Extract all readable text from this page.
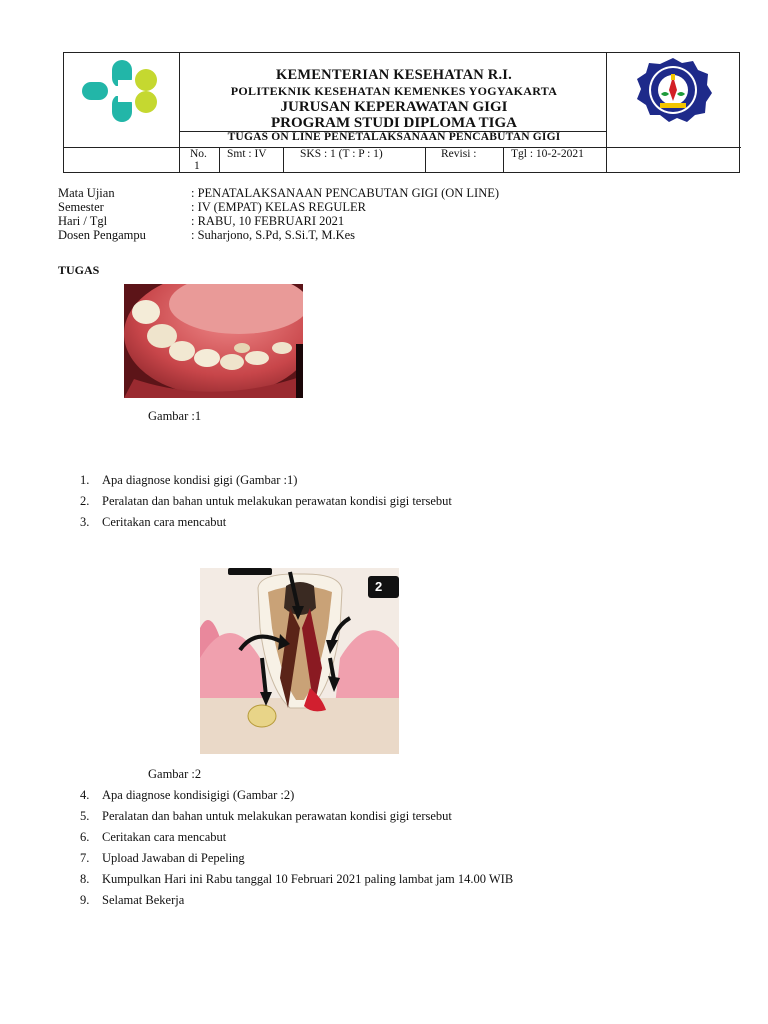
KEMENTERIAN KESEHATAN R.I.
POLITEKNIK KESEHATAN KEMENKES YOGYAKARTA
JURUSAN KEPERAWATAN GIGI
PROGRAM STUDI DIPLOMA TIGA
TUGAS ON LINE PENETALAKSANAAN PENCABUTAN GIGI
No.
1
Smt : IV	SKS : 1 (T : P : 1)	Revisi :	Tgl : 10-2-2021
Mata Ujian	: PENATALAKSANAAN PENCABUTAN GIGI (ON LINE)
Semester	: IV (EMPAT) KELAS REGULER
Hari / Tgl	: RABU, 10 FEBRUARI 2021
Dosen Pengampu	: Suharjono, S.Pd, S.Si.T, M.Kes
TUGAS
Gambar :1
1.	Apa diagnose kondisi gigi (Gambar :1)
2.	Peralatan dan bahan untuk melakukan perawatan kondisi gigi tersebut
3.	Ceritakan cara mencabut
2
Gambar :2
4.	Apa diagnose kondisigigi (Gambar :2)
5.	Peralatan dan bahan untuk melakukan perawatan kondisi gigi tersebut
6.	Ceritakan cara mencabut
7.	Upload Jawaban di Pepeling
8.	Kumpulkan Hari ini Rabu tanggal 10 Februari 2021 paling lambat jam 14.00 WIB
9.	Selamat Bekerja
